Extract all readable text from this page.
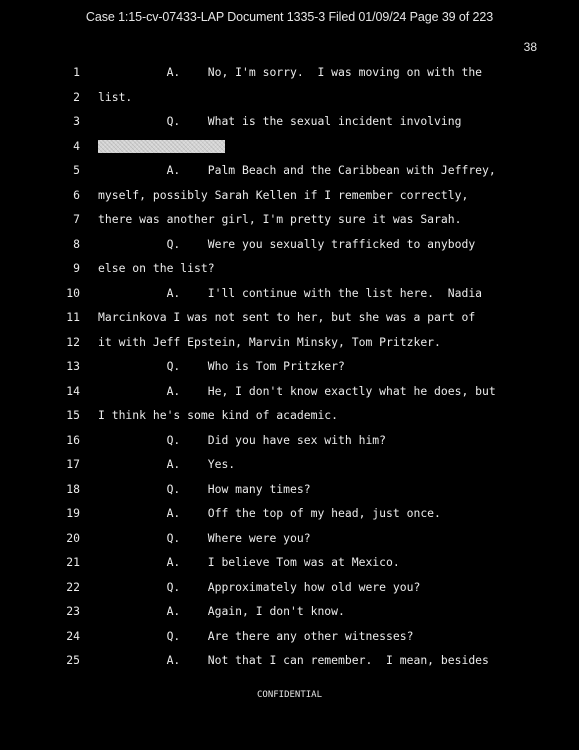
Case 1:15-cv-07433-LAP Document 1335-3 Filed 01/09/24 Page 39 of 223
38
1 A.    No, I'm sorry.  I was moving on with the
2 list.
3 Q.    What is the sexual incident involving
4
5 A.    Palm Beach and the Caribbean with Jeffrey,
6 myself, possibly Sarah Kellen if I remember correctly,
7 there was another girl, I'm pretty sure it was Sarah.
8 Q.    Were you sexually trafficked to anybody
9 else on the list?
10 A.    I'll continue with the list here.  Nadia
11 Marcinkova I was not sent to her, but she was a part of
12 it with Jeff Epstein, Marvin Minsky, Tom Pritzker.
13 Q.    Who is Tom Pritzker?
14 A.    He, I don't know exactly what he does, but
15 I think he's some kind of academic.
16 Q.    Did you have sex with him?
17 A.    Yes.
18 Q.    How many times?
19 A.    Off the top of my head, just once.
20 Q.    Where were you?
21 A.    I believe Tom was at Mexico.
22 Q.    Approximately how old were you?
23 A.    Again, I don't know.
24 Q.    Are there any other witnesses?
25 A.    Not that I can remember.  I mean, besides
CONFIDENTIAL
